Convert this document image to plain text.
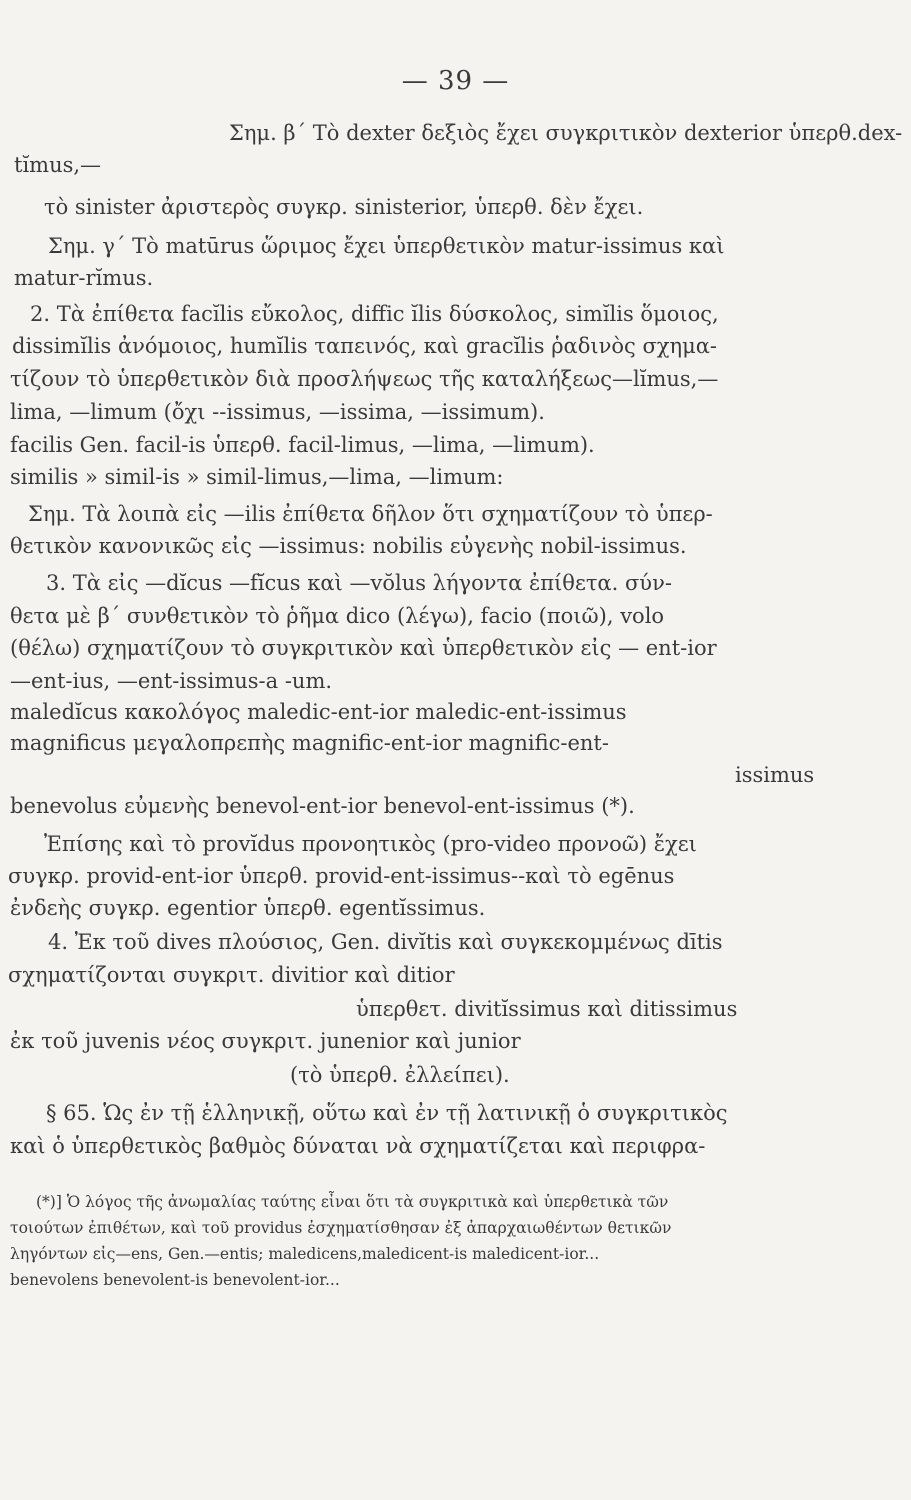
— 39 —
Σημ. β΄ Τὸ dexter δεξιὸς ἔχει συγκριτικὸν dexterior ὑπερθ.dex-
tĭmus,—
τὸ sinister ἀριστερὸς συγκρ. sinisterior, ὑπερθ. δὲν ἔχει.
Σημ. γ΄ Τὸ matūrus ὥριμος ἔχει ὑπερθετικὸν matur-issimus καὶ
matur-rĭmus.
2. Τὰ ἐπίθετα facĭlis εὔκολος, diffic ĭlis δύσκολος, simĭlis ὅμοιος,
dissimĭlis ἀνόμοιος, humĭlis ταπεινός, καὶ gracĭlis ῥαδινὸς σχημα-
τίζουν τὸ ὑπερθετικὸν διὰ προσλήψεως τῆς καταλήξεως—lĭmus,—
lima, —limum (ὄχι --issimus, —issima, —issimum).
facilis Gen. facil-is ὑπερθ. facil-limus, —lima, —limum).
similis » simil-is » simil-limus,—lima, —limum:
Σημ. Τὰ λοιπὰ εἰς —ilis ἐπίθετα δῆλον ὅτι σχηματίζουν τὸ ὑπερ-
θετικὸν κανονικῶς εἰς —issimus: nobilis εὐγενὴς nobil-issimus.
3. Τὰ εἰς —dĭcus —fĭcus καὶ —vŏlus λήγοντα ἐπίθετα. σύν-
θετα μὲ β΄ συνθετικὸν τὸ ῥῆμα dico (λέγω), facio (ποιῶ), volo
(θέλω) σχηματίζουν τὸ συγκριτικὸν καὶ ὑπερθετικὸν εἰς — ent-ior
—ent-ius, —ent-issimus-a -um.
maledĭcus κακολόγος maledic-ent-ior maledic-ent-issimus
magnificus μεγαλοπρεπὴς magnific-ent-ior magnific-ent-
issimus
benevolus εὐμενὴς benevol-ent-ior benevol-ent-issimus (*).
Ἐπίσης καὶ τὸ provĭdus προνοητικὸς (pro-video προνοῶ) ἔχει
συγκρ. provid-ent-ior ὑπερθ. provid-ent-issimus--καὶ τὸ egēnus
ἐνδεὴς συγκρ. egentior ὑπερθ. egentĭssimus.
4. Ἐκ τοῦ dives πλούσιος, Gen. divĭtis καὶ συγκεκομμένως dītis
σχηματίζονται συγκριτ. divitior καὶ ditior
ὑπερθετ. divitĭssimus καὶ ditissimus
ἐκ τοῦ juvenis νέος συγκριτ. junenior καὶ junior
(τὸ ὑπερθ. ἐλλείπει).
§ 65. Ὡς ἐν τῇ ἑλληνικῇ, οὕτω καὶ ἐν τῇ λατινικῇ ὁ συγκριτικὸς
καὶ ὁ ὑπερθετικὸς βαθμὸς δύναται νὰ σχηματίζεται καὶ περιφρα-
(*)] Ὁ λόγος τῆς ἀνωμαλίας ταύτης εἶναι ὅτι τὰ συγκριτικὰ καὶ ὑπερθετικὰ τῶν
τοιούτων ἐπιθέτων, καὶ τοῦ providus ἐσχηματίσθησαν ἐξ ἀπαρχαιωθέντων θετικῶν
ληγόντων εἰς—ens, Gen.—entis; maledicens,maledicent-is maledicent-ior...
benevolens benevolent-is benevolent-ior...
